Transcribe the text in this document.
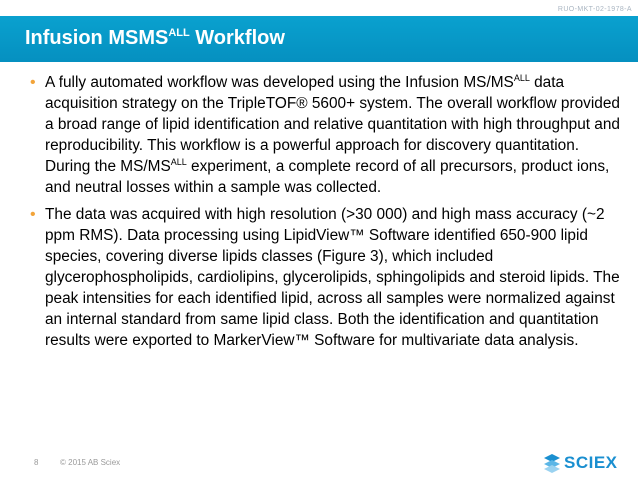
RUO-MKT-02-1978-A
Infusion $MSMS^{ALL}$ Workflow
• A fully automated workflow was developed using the Infusion $MS/MS^{ALL}$ data acquisition strategy on the TripleTOF® 5600+ system. The overall workflow provided a broad range of lipid identification and relative quantitation with high throughput and reproducibility. This workflow is a powerful approach for discovery quantitation. During the $MS/MS^{ALL}$ experiment, a complete record of all precursors, product ions, and neutral losses within a sample was collected.
• The data was acquired with high resolution (>30 000) and high mass accuracy (~2 ppm RMS). Data processing using LipidView™ Software identified 650-900 lipid species, covering diverse lipids classes (Figure 3), which included glycerophospholipids, cardiolipins, glycerolipids, sphingolipids and steroid lipids. The peak intensities for each identified lipid, across all samples were normalized against an internal standard from same lipid class. Both the identification and quantitation results were exported to MarkerView™ Software for multivariate data analysis.
8	© 2015 AB Sciex	SCIEX
